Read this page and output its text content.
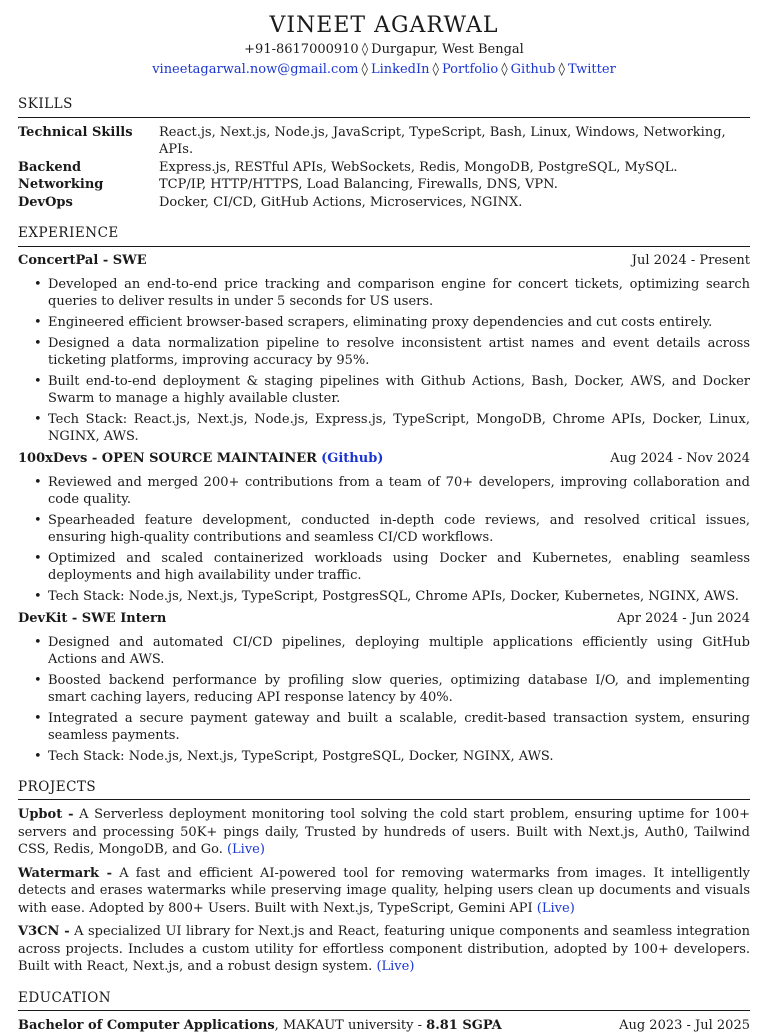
VINEET AGARWAL
+91-8617000910 ◊ Durgapur, West Bengal
vineetagarwal.now@gmail.com ◊ LinkedIn ◊ Portfolio ◊ Github ◊ Twitter
SKILLS
Technical Skills	React.js, Next.js, Node.js, JavaScript, TypeScript, Bash, Linux, Windows, Networking, APIs.
Backend	Express.js, RESTful APIs, WebSockets, Redis, MongoDB, PostgreSQL, MySQL.
Networking	TCP/IP, HTTP/HTTPS, Load Balancing, Firewalls, DNS, VPN.
DevOps	Docker, CI/CD, GitHub Actions, Microservices, NGINX.
EXPERIENCE
ConcertPal - SWE	Jul 2024 - Present
• Developed an end-to-end price tracking and comparison engine for concert tickets, optimizing search queries to deliver results in under 5 seconds for US users.
• Engineered efficient browser-based scrapers, eliminating proxy dependencies and cut costs entirely.
• Designed a data normalization pipeline to resolve inconsistent artist names and event details across ticketing platforms, improving accuracy by 95%.
• Built end-to-end deployment & staging pipelines with Github Actions, Bash, Docker, AWS, and Docker Swarm to manage a highly available cluster.
• Tech Stack: React.js, Next.js, Node.js, Express.js, TypeScript, MongoDB, Chrome APIs, Docker, Linux, NGINX, AWS.
100xDevs - OPEN SOURCE MAINTAINER (Github)	Aug 2024 - Nov 2024
• Reviewed and merged 200+ contributions from a team of 70+ developers, improving collaboration and code quality.
• Spearheaded feature development, conducted in-depth code reviews, and resolved critical issues, ensuring high-quality contributions and seamless CI/CD workflows.
• Optimized and scaled containerized workloads using Docker and Kubernetes, enabling seamless deployments and high availability under traffic.
• Tech Stack: Node.js, Next.js, TypeScript, PostgresSQL, Chrome APIs, Docker, Kubernetes, NGINX, AWS.
DevKit - SWE Intern	Apr 2024 - Jun 2024
• Designed and automated CI/CD pipelines, deploying multiple applications efficiently using GitHub Actions and AWS.
• Boosted backend performance by profiling slow queries, optimizing database I/O, and implementing smart caching layers, reducing API response latency by 40%.
• Integrated a secure payment gateway and built a scalable, credit-based transaction system, ensuring seamless payments.
• Tech Stack: Node.js, Next.js, TypeScript, PostgreSQL, Docker, NGINX, AWS.
PROJECTS
Upbot - A Serverless deployment monitoring tool solving the cold start problem, ensuring uptime for 100+ servers and processing 50K+ pings daily, Trusted by hundreds of users. Built with Next.js, Auth0, Tailwind CSS, Redis, MongoDB, and Go. (Live)
Watermark - A fast and efficient AI-powered tool for removing watermarks from images. It intelligently detects and erases watermarks while preserving image quality, helping users clean up documents and visuals with ease. Adopted by 800+ Users. Built with Next.js, TypeScript, Gemini API (Live)
V3CN - A specialized UI library for Next.js and React, featuring unique components and seamless integration across projects. Includes a custom utility for effortless component distribution, adopted by 100+ developers. Built with React, Next.js, and a robust design system. (Live)
EDUCATION
Bachelor of Computer Applications, MAKAUT university - 8.81 SGPA	Aug 2023 - Jul 2025
